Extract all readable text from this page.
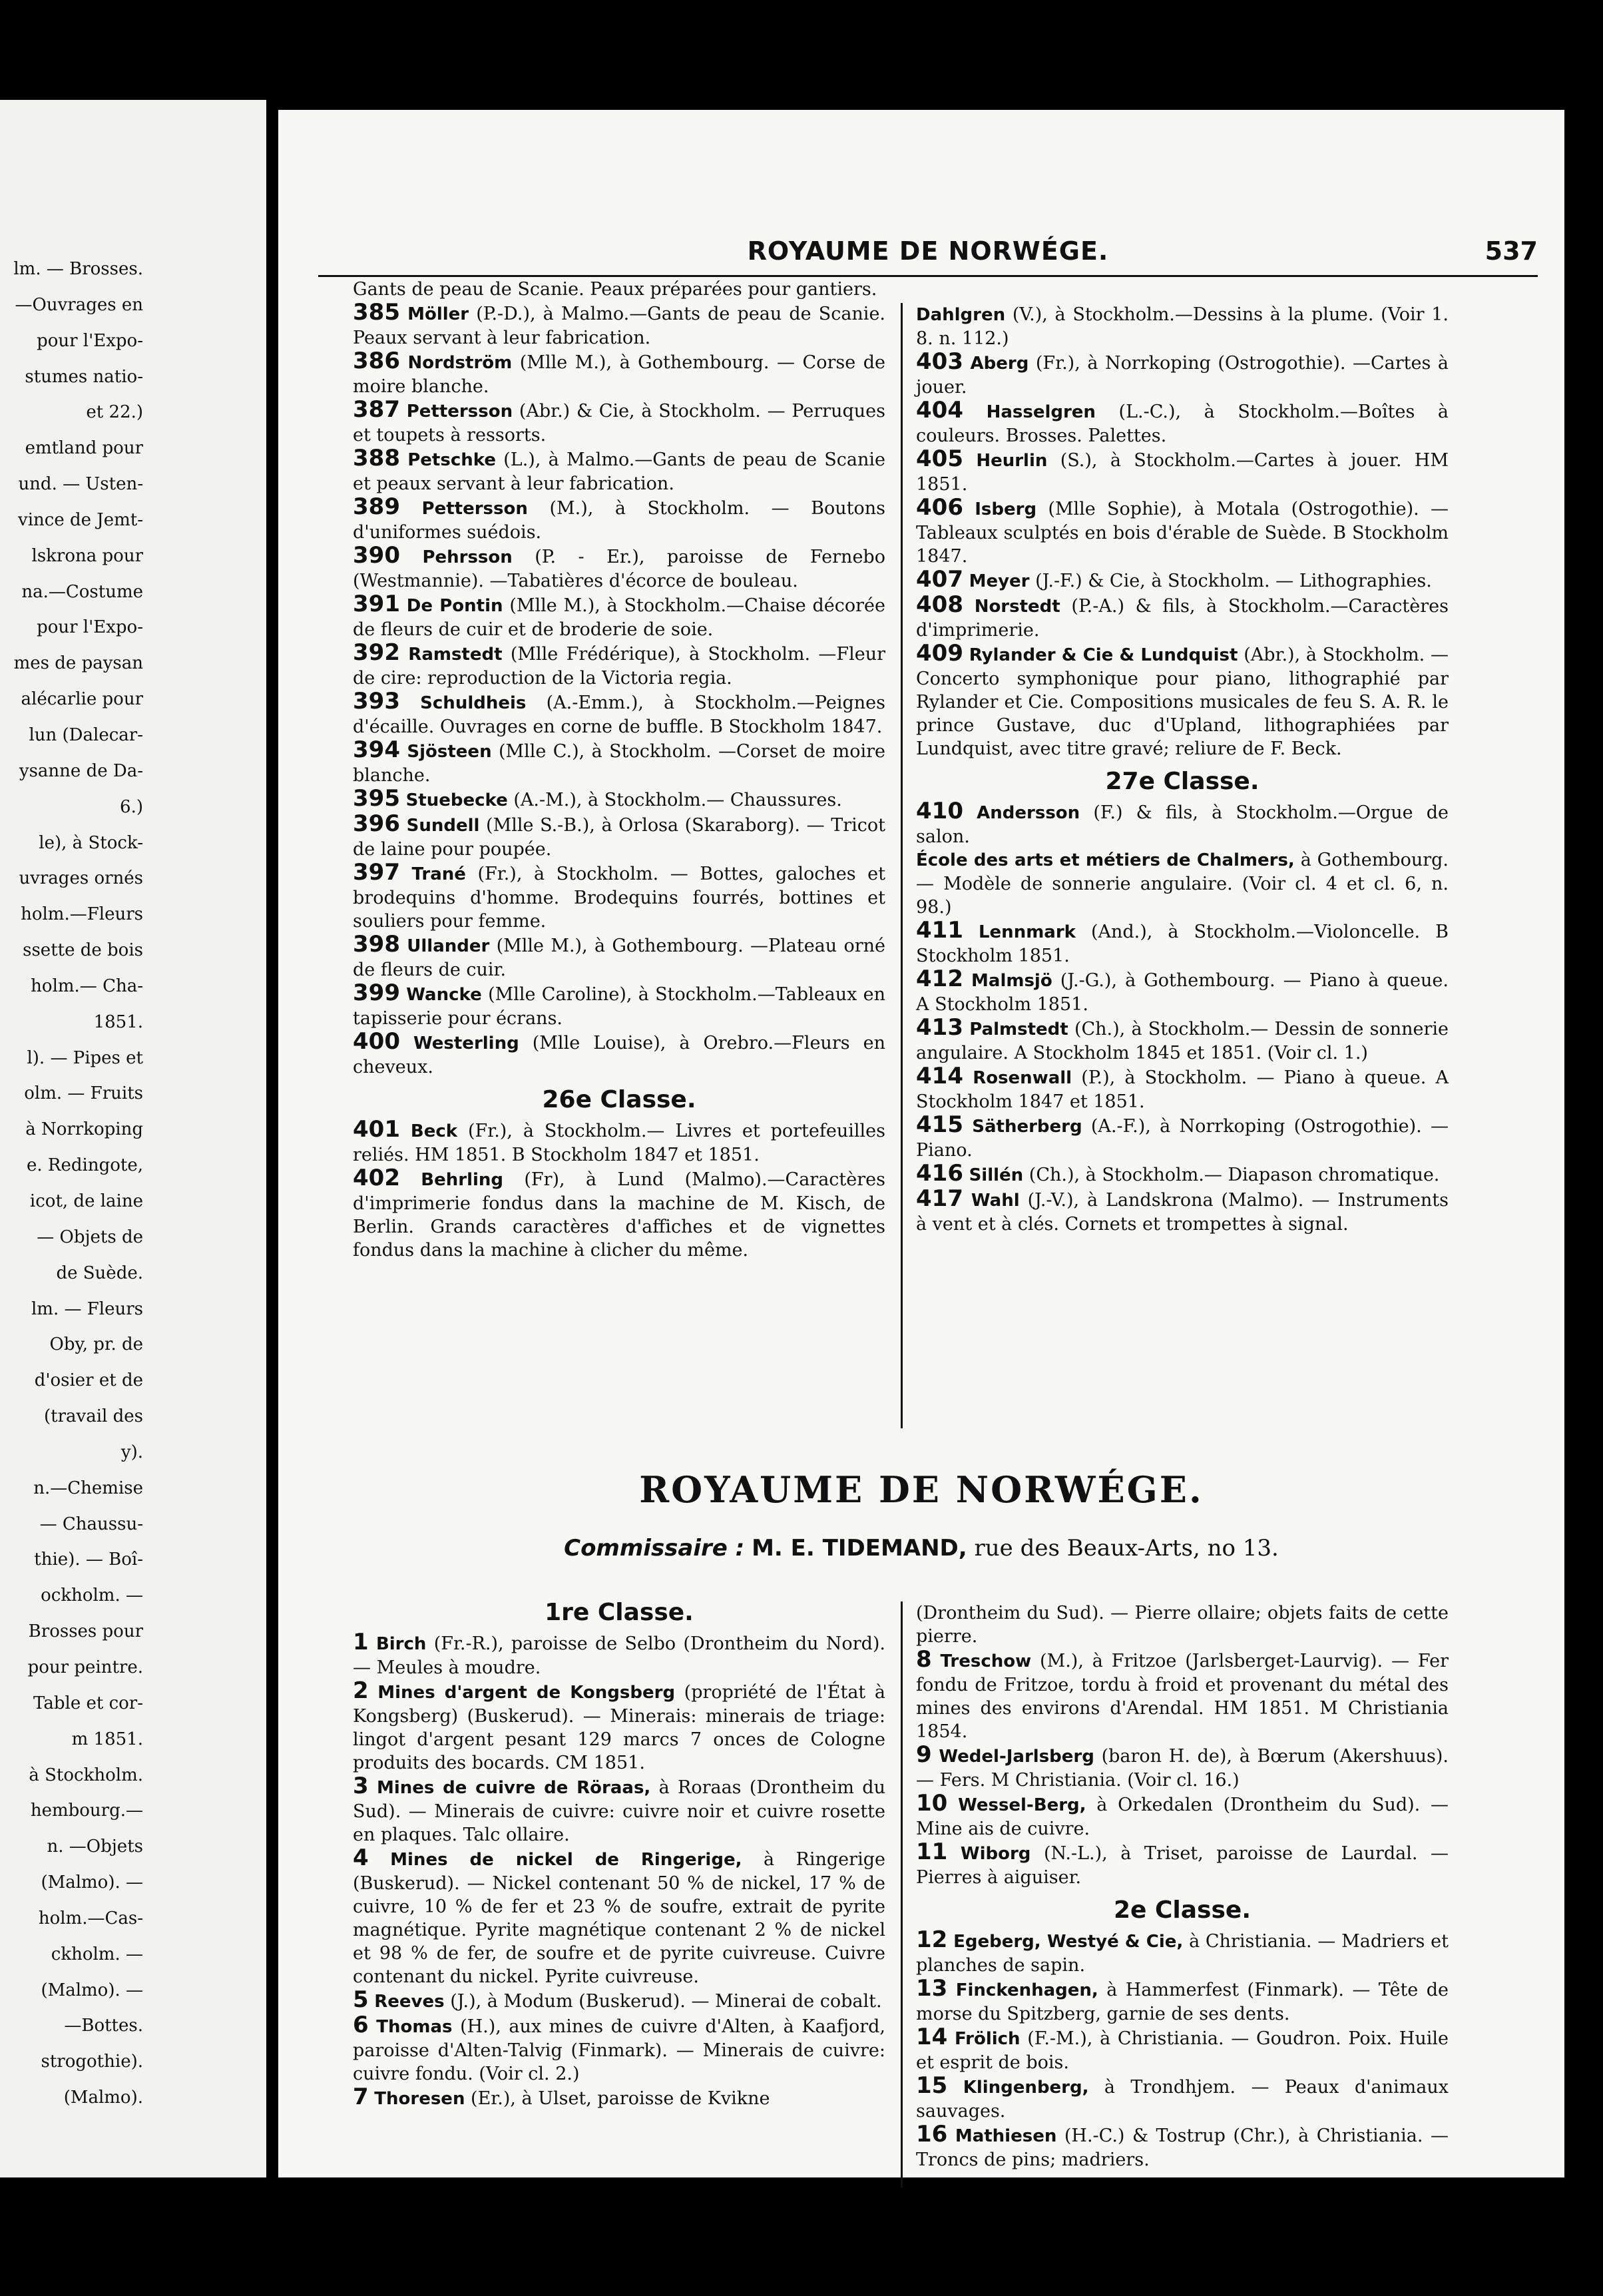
lm. — Brosses.
—Ouvrages en
pour l'Expo-
stumes natio-
et 22.)
emtland pour
und. — Usten-
vince de Jemt-
lskrona pour
na.—Costume
pour l'Expo-
mes de paysan
alécarlie pour
lun (Dalecar-
ysanne de Da-
6.)
le), à Stock-
uvrages ornés
holm.—Fleurs
ssette de bois
holm.— Cha-
1851.
l). — Pipes et
olm. — Fruits
à Norrkoping
e. Redingote,
icot, de laine
— Objets de
de Suède.
lm. — Fleurs
Oby, pr. de
d'osier et de
(travail des
y).
n.—Chemise
— Chaussu-
thie). — Boî-
ockholm. —
Brosses pour
pour peintre.
Table et cor-
m 1851.
à Stockholm.
hembourg.—
n. —Objets
(Malmo). —
holm.—Cas-
ckholm. —
(Malmo). —
—Bottes.
strogothie).
(Malmo).
ROYAUME DE NORWÉGE.	537

Gants de peau de Scanie. Peaux préparées pour gantiers.

385 Möller (P.-D.), à Malmo.—Gants de peau de Scanie. Peaux servant à leur fabrication.

386 Nordström (Mlle M.), à Gothembourg. — Corse de moire blanche.

387 Pettersson (Abr.) & Cie, à Stockholm. — Perruques et toupets à ressorts.

388 Petschke (L.), à Malmo.—Gants de peau de Scanie et peaux servant à leur fabrication.

389 Pettersson (M.), à Stockholm. — Boutons d'uniformes suédois.

390 Pehrsson (P. - Er.), paroisse de Fernebo (Westmannie). —Tabatières d'écorce de bouleau.

391 De Pontin (Mlle M.), à Stockholm.—Chaise décorée de fleurs de cuir et de broderie de soie.

392 Ramstedt (Mlle Frédérique), à Stockholm. —Fleur de cire: reproduction de la Victoria regia.

393 Schuldheis (A.-Emm.), à Stockholm.—Peignes d'écaille. Ouvrages en corne de buffle. B Stockholm 1847.

394 Sjösteen (Mlle C.), à Stockholm. —Corset de moire blanche.

395 Stuebecke (A.-M.), à Stockholm.— Chaussures.

396 Sundell (Mlle S.-B.), à Orlosa (Skaraborg). — Tricot de laine pour poupée.

397 Trané (Fr.), à Stockholm. — Bottes, galoches et brodequins d'homme. Brodequins fourrés, bottines et souliers pour femme.

398 Ullander (Mlle M.), à Gothembourg. —Plateau orné de fleurs de cuir.

399 Wancke (Mlle Caroline), à Stockholm.—Tableaux en tapisserie pour écrans.

400 Westerling (Mlle Louise), à Orebro.—Fleurs en cheveux.

26e Classe.

401 Beck (Fr.), à Stockholm.— Livres et portefeuilles reliés. HM 1851. B Stockholm 1847 et 1851.

402 Behrling (Fr), à Lund (Malmo).—Caractères d'imprimerie fondus dans la machine de M. Kisch, de Berlin. Grands caractères d'affiches et de vignettes fondus dans la machine à clicher du même.

Dahlgren (V.), à Stockholm.—Dessins à la plume. (Voir 1. 8. n. 112.)

403 Aberg (Fr.), à Norrkoping (Ostrogothie). —Cartes à jouer.

404 Hasselgren (L.-C.), à Stockholm.—Boîtes à couleurs. Brosses. Palettes.

405 Heurlin (S.), à Stockholm.—Cartes à jouer. HM 1851.

406 Isberg (Mlle Sophie), à Motala (Ostrogothie). — Tableaux sculptés en bois d'érable de Suède. B Stockholm 1847.

407 Meyer (J.-F.) & Cie, à Stockholm. — Lithographies.

408 Norstedt (P.-A.) & fils, à Stockholm.—Caractères d'imprimerie.

409 Rylander & Cie & Lundquist (Abr.), à Stockholm. — Concerto symphonique pour piano, lithographié par Rylander et Cie. Compositions musicales de feu S. A. R. le prince Gustave, duc d'Upland, lithographiées par Lundquist, avec titre gravé; reliure de F. Beck.

27e Classe.

410 Andersson (F.) & fils, à Stockholm.—Orgue de salon.

École des arts et métiers de Chalmers, à Gothembourg. — Modèle de sonnerie angulaire. (Voir cl. 4 et cl. 6, n. 98.)

411 Lennmark (And.), à Stockholm.—Violoncelle. B Stockholm 1851.

412 Malmsjö (J.-G.), à Gothembourg. — Piano à queue. A Stockholm 1851.

413 Palmstedt (Ch.), à Stockholm.— Dessin de sonnerie angulaire. A Stockholm 1845 et 1851. (Voir cl. 1.)

414 Rosenwall (P.), à Stockholm. — Piano à queue. A Stockholm 1847 et 1851.

415 Sätherberg (A.-F.), à Norrkoping (Ostrogothie). — Piano.

416 Sillén (Ch.), à Stockholm.— Diapason chromatique.

417 Wahl (J.-V.), à Landskrona (Malmo). — Instruments à vent et à clés. Cornets et trompettes à signal.

ROYAUME DE NORWÉGE.
Commissaire : M. E. TIDEMAND, rue des Beaux-Arts, no 13.
1re Classe.

1 Birch (Fr.-R.), paroisse de Selbo (Drontheim du Nord). — Meules à moudre.

2 Mines d'argent de Kongsberg (propriété de l'État à Kongsberg) (Buskerud). — Minerais: minerais de triage: lingot d'argent pesant 129 marcs 7 onces de Cologne produits des bocards. CM 1851.

3 Mines de cuivre de Röraas, à Roraas (Drontheim du Sud). — Minerais de cuivre: cuivre noir et cuivre rosette en plaques. Talc ollaire.

4 Mines de nickel de Ringerige, à Ringerige (Buskerud). — Nickel contenant 50 % de nickel, 17 % de cuivre, 10 % de fer et 23 % de soufre, extrait de pyrite magnétique. Pyrite magnétique contenant 2 % de nickel et 98 % de fer, de soufre et de pyrite cuivreuse. Cuivre contenant du nickel. Pyrite cuivreuse.

5 Reeves (J.), à Modum (Buskerud). — Minerai de cobalt.

6 Thomas (H.), aux mines de cuivre d'Alten, à Kaafjord, paroisse d'Alten-Talvig (Finmark). — Minerais de cuivre: cuivre fondu. (Voir cl. 2.)

7 Thoresen (Er.), à Ulset, paroisse de Kvikne

(Drontheim du Sud). — Pierre ollaire; objets faits de cette pierre.

8 Treschow (M.), à Fritzoe (Jarlsberget-Laurvig). — Fer fondu de Fritzoe, tordu à froid et provenant du métal des mines des environs d'Arendal. HM 1851. M Christiania 1854.

9 Wedel-Jarlsberg (baron H. de), à Bœrum (Akershuus). — Fers. M Christiania. (Voir cl. 16.)

10 Wessel-Berg, à Orkedalen (Drontheim du Sud). — Mine ais de cuivre.

11 Wiborg (N.-L.), à Triset, paroisse de Laurdal. — Pierres à aiguiser.

2e Classe.

12 Egeberg, Westyé & Cie, à Christiania. — Madriers et planches de sapin.

13 Finckenhagen, à Hammerfest (Finmark). — Tête de morse du Spitzberg, garnie de ses dents.

14 Frölich (F.-M.), à Christiania. — Goudron. Poix. Huile et esprit de bois.

15 Klingenberg, à Trondhjem. — Peaux d'animaux sauvages.

16 Mathiesen (H.-C.) & Tostrup (Chr.), à Christiania. — Troncs de pins; madriers.
